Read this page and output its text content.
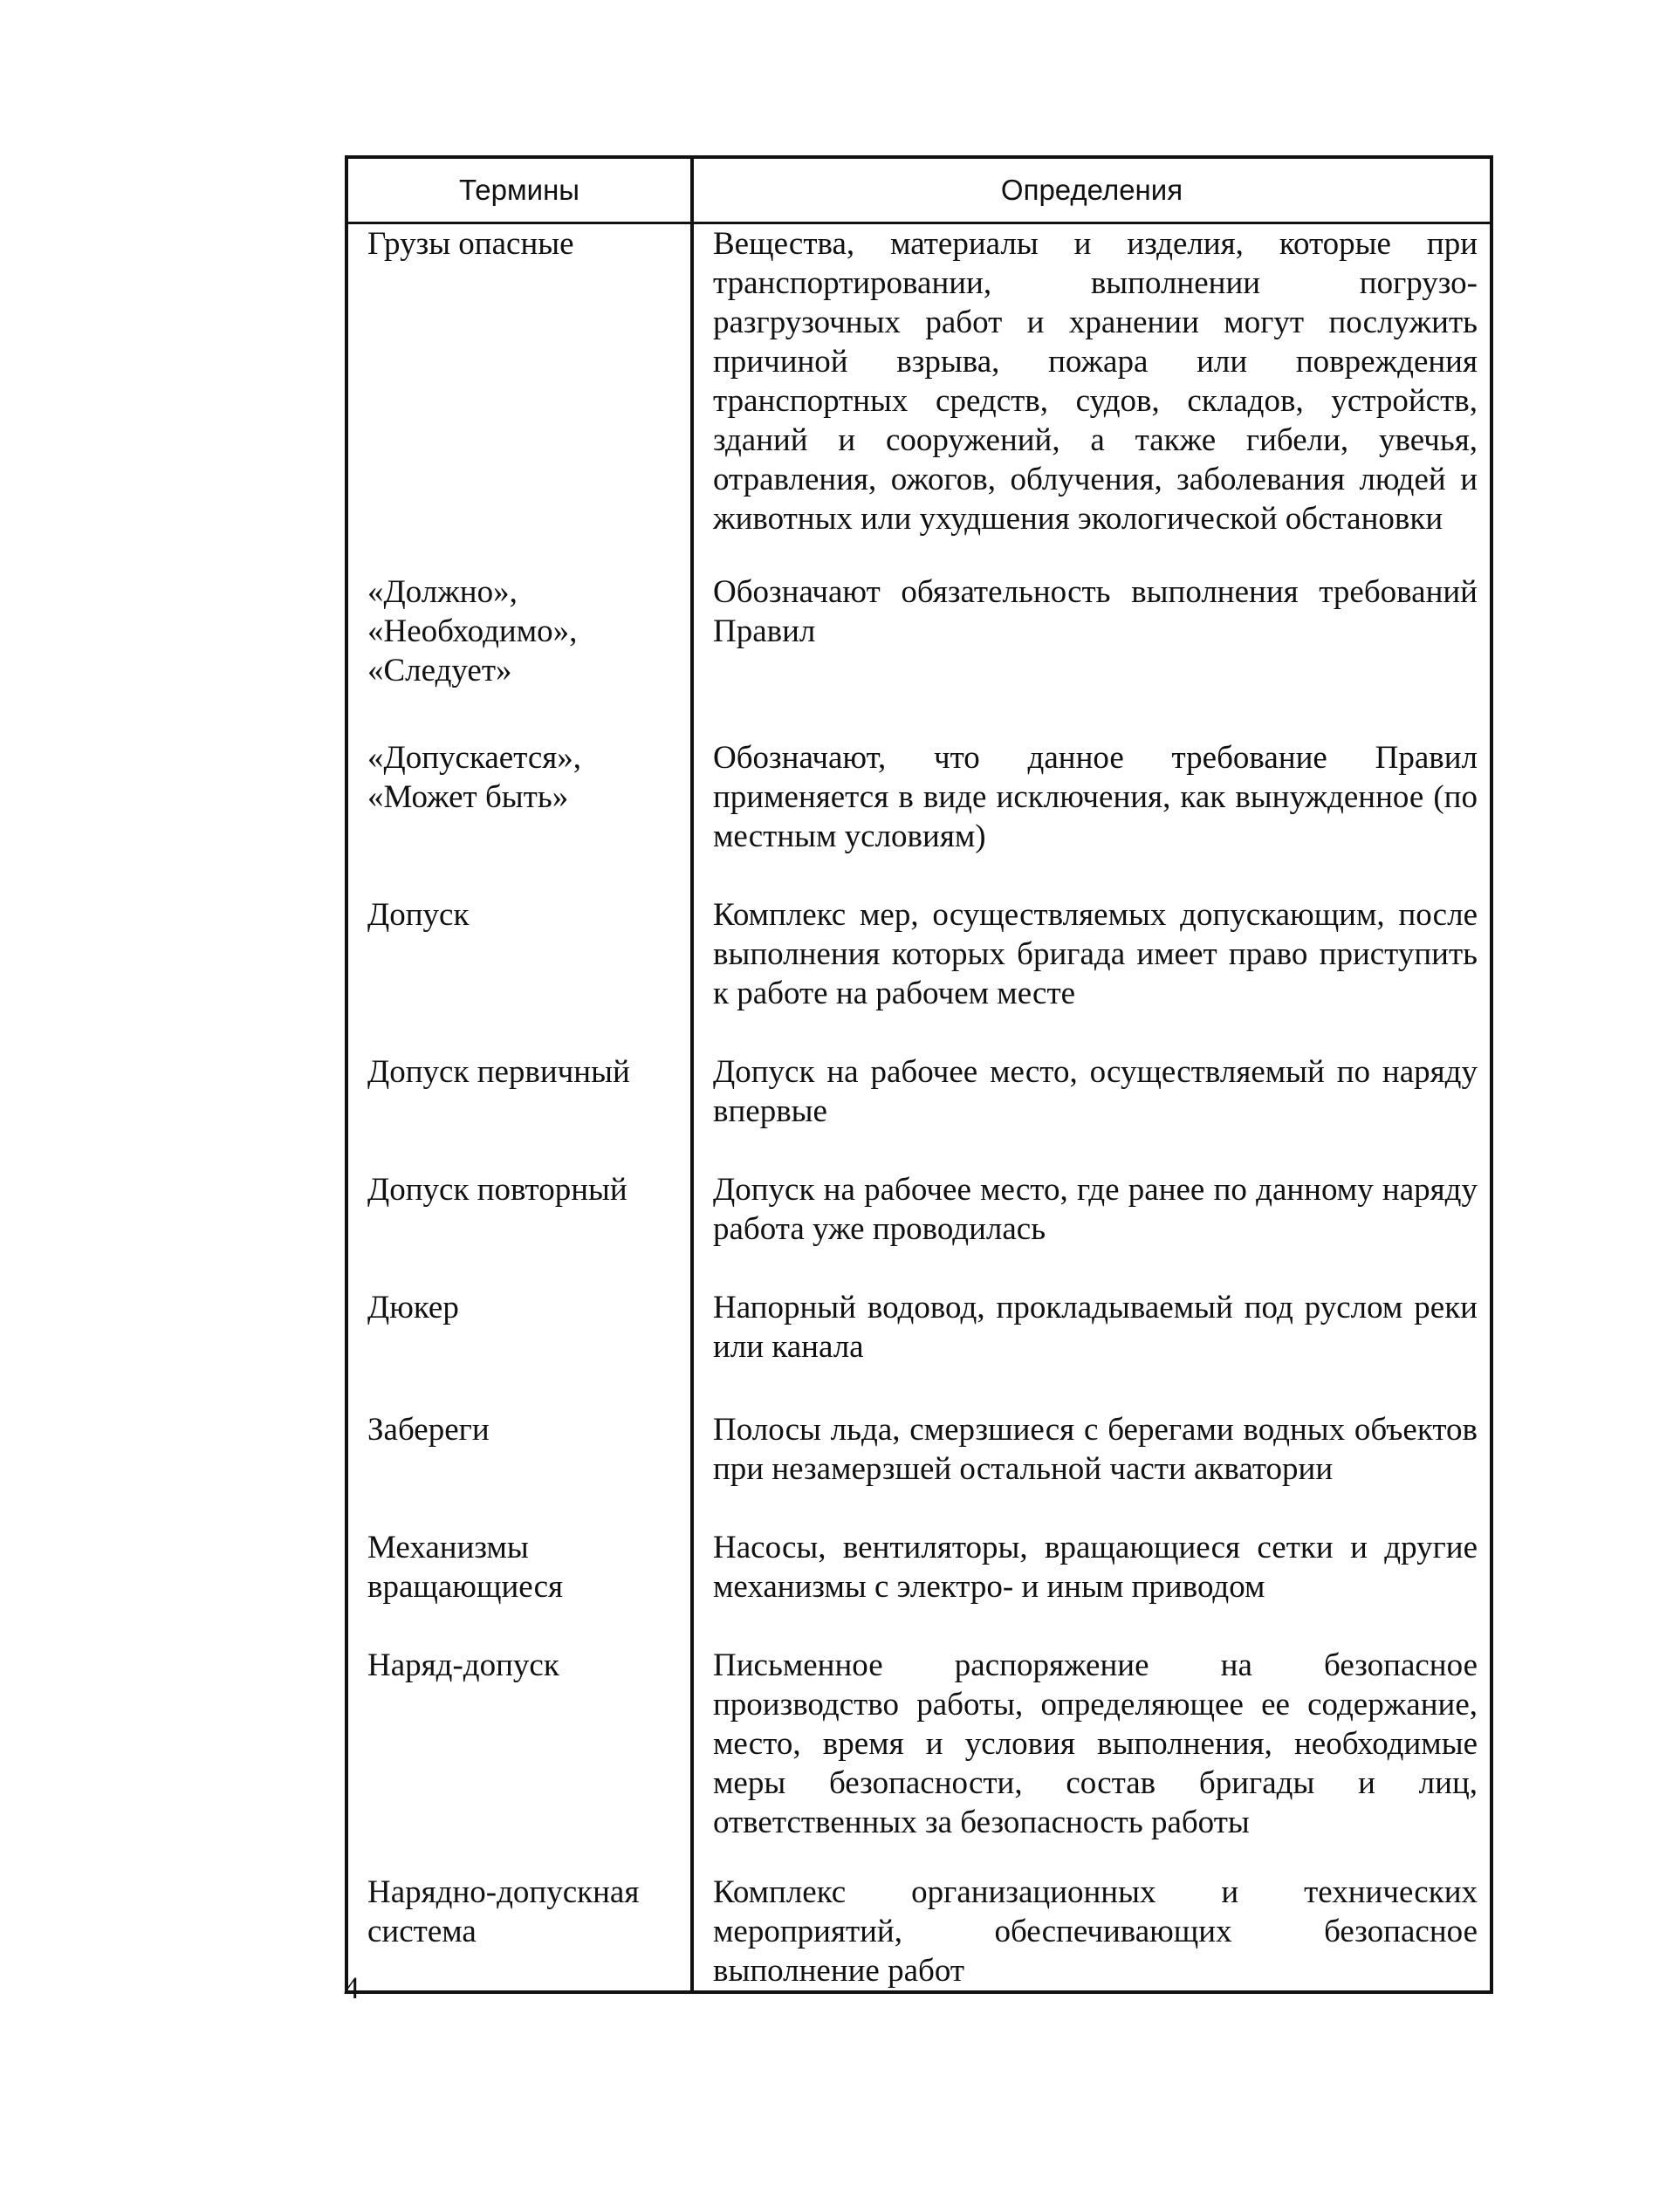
Термины	Определения
Грузы опасные	Вещества, материалы и изделия, которые при транспортировании, выполнении погрузо-разгрузочных работ и хранении могут послужить причиной взрыва, пожара или повреждения транспортных средств, судов, складов, устройств, зданий и сооружений, а также гибели, увечья, отравления, ожогов, облучения, заболевания людей и животных или ухудшения экологической обстановки
«Должно», «Необходимо», «Следует»	Обозначают обязательность выполнения требований Правил
«Допускается», «Может быть»	Обозначают, что данное требование Правил применяется в виде исключения, как вынужденное (по местным условиям)
Допуск	Комплекс мер, осуществляемых допускающим, после выполнения которых бригада имеет право приступить к работе на рабочем месте
Допуск первичный	Допуск на рабочее место, осуществляемый по наряду впервые
Допуск повторный	Допуск на рабочее место, где ранее по данному наряду работа уже проводилась
Дюкер	Напорный водовод, прокладываемый под руслом реки или канала
Забереги	Полосы льда, смерзшиеся с берегами водных объектов при незамерзшей остальной части акватории
Механизмы вращающиеся	Насосы, вентиляторы, вращающиеся сетки и другие механизмы с электро- и иным приводом
Наряд-допуск	Письменное распоряжение на безопасное производство работы, определяющее ее содержание, место, время и условия выполнения, необходимые меры безопасности, состав бригады и лиц, ответственных за безопасность работы
Нарядно-допускная система	Комплекс организационных и технических мероприятий, обеспечивающих безопасное выполнение работ
4
